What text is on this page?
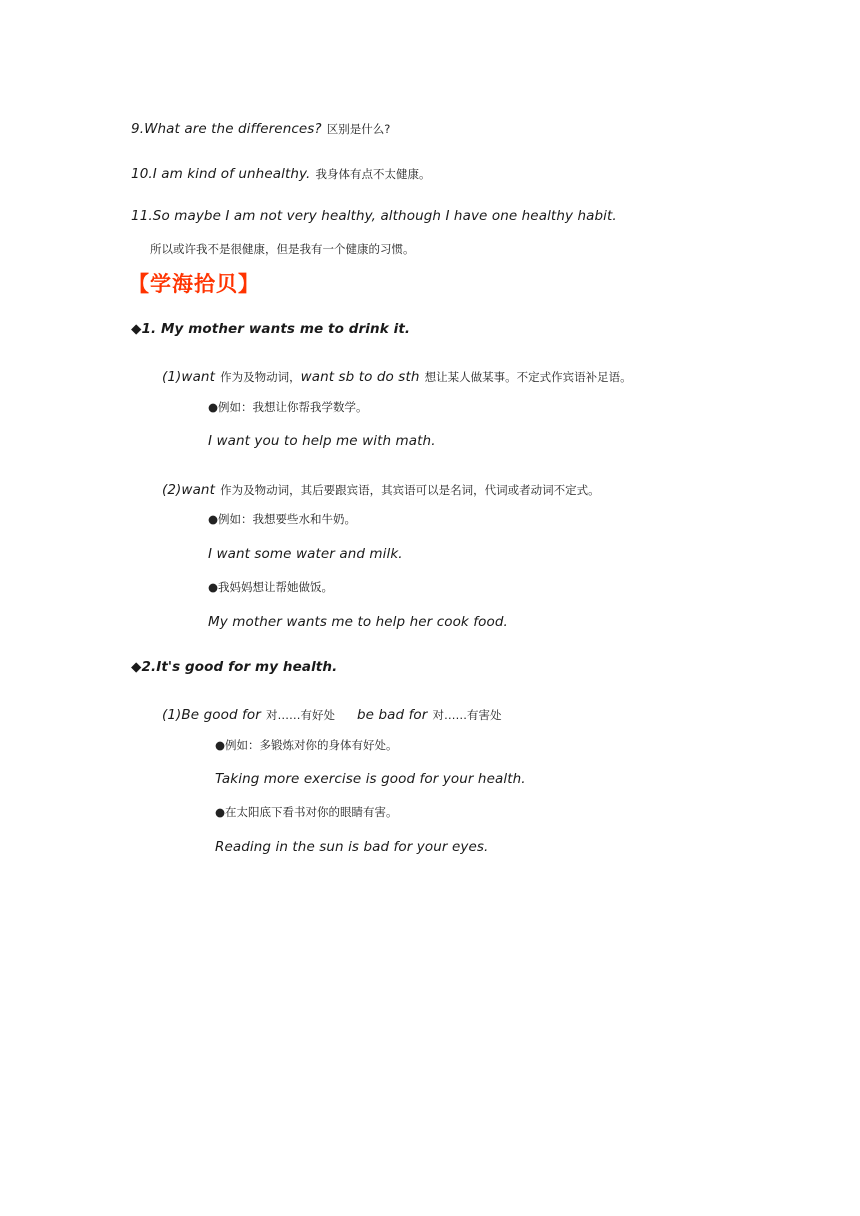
9.What are the differences? 区别是什么?
10.I am kind of unhealthy. 我身体有点不太健康。
11.So maybe I am not very healthy, although I have one healthy habit.
所以或许我不是很健康，但是我有一个健康的习惯。
【学海拾贝】
◆1. My mother wants me to drink it.
(1)want 作为及物动词，want sb to do sth 想让某人做某事。不定式作宾语补足语。
●例如：我想让你帮我学数学。
I want you to help me with math.
(2)want 作为及物动词，其后要跟宾语，其宾语可以是名词，代词或者动词不定式。
●例如：我想要些水和牛奶。
I want some water and milk.
●我妈妈想让帮她做饭。
My mother wants me to help her cook food.
◆2.It's good for my health.
(1)Be good for 对……有好处 be bad for 对……有害处
●例如：多锻炼对你的身体有好处。
Taking more exercise is good for your health.
●在太阳底下看书对你的眼睛有害。
Reading in the sun is bad for your eyes.
